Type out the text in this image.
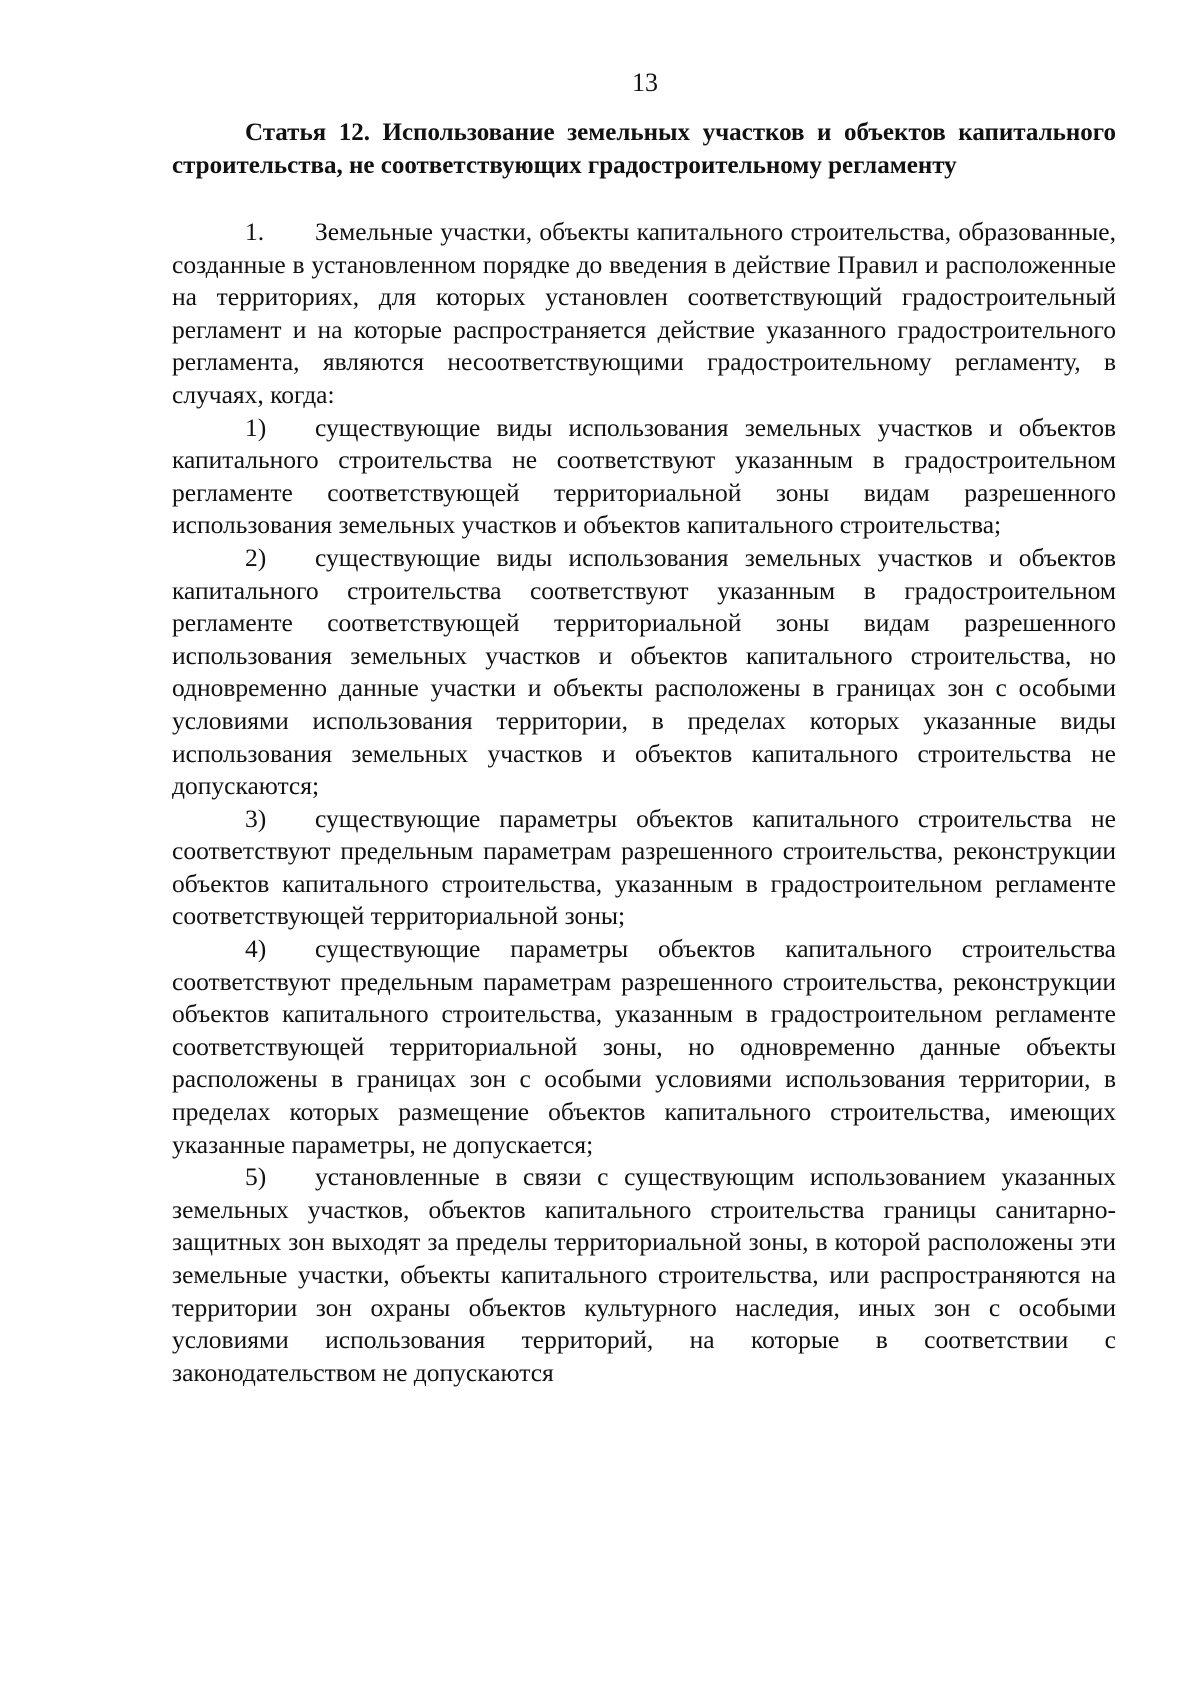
13
Статья 12. Использование земельных участков и объектов капитального строительства, не соответствующих градостроительному регламенту

1. Земельные участки, объекты капитального строительства, образованные, созданные в установленном порядке до введения в действие Правил и расположенные на территориях, для которых установлен соответствующий градостроительный регламент и на которые распространяется действие указанного градостроительного регламента, являются несоответствующими градостроительному регламенту, в случаях, когда:

1) существующие виды использования земельных участков и объектов капитального строительства не соответствуют указанным в градостроительном регламенте соответствующей территориальной зоны видам разрешенного использования земельных участков и объектов капитального строительства;

2) существующие виды использования земельных участков и объектов капитального строительства соответствуют указанным в градостроительном регламенте соответствующей территориальной зоны видам разрешенного использования земельных участков и объектов капитального строительства, но одновременно данные участки и объекты расположены в границах зон с особыми условиями использования территории, в пределах которых указанные виды использования земельных участков и объектов капитального строительства не допускаются;

3) существующие параметры объектов капитального строительства не соответствуют предельным параметрам разрешенного строительства, реконструкции объектов капитального строительства, указанным в градостроительном регламенте соответствующей территориальной зоны;

4) существующие параметры объектов капитального строительства соответствуют предельным параметрам разрешенного строительства, реконструкции объектов капитального строительства, указанным в градостроительном регламенте соответствующей территориальной зоны, но одновременно данные объекты расположены в границах зон с особыми условиями использования территории, в пределах которых размещение объектов капитального строительства, имеющих указанные параметры, не допускается;

5) установленные в связи с существующим использованием указанных земельных участков, объектов капитального строительства границы санитарно-защитных зон выходят за пределы территориальной зоны, в которой расположены эти земельные участки, объекты капитального строительства, или распространяются на территории зон охраны объектов культурного наследия, иных зон с особыми условиями использования территорий, на которые в соответствии с законодательством не допускаются
